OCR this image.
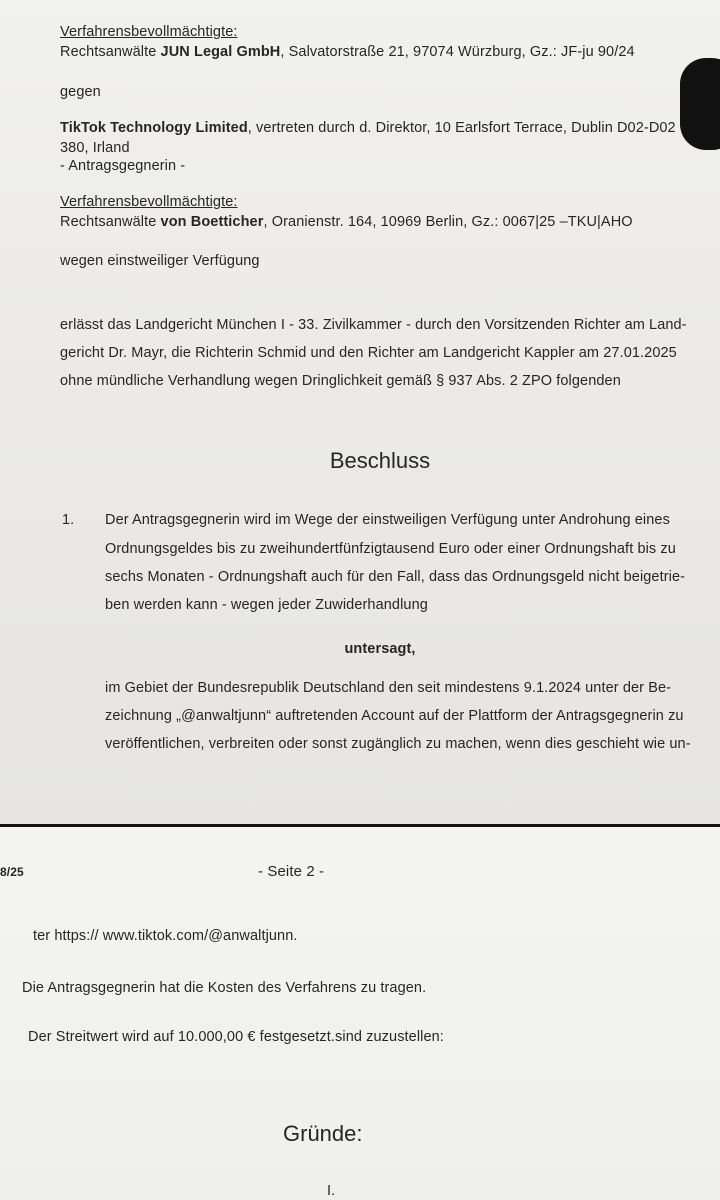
Verfahrensbevollmächtigte:

Rechtsanwälte JUN Legal GmbH, Salvatorstraße 21, 97074 Würzburg, Gz.: JF-ju 90/24

gegen

TikTok Technology Limited, vertreten durch d. Direktor, 10 Earlsfort Terrace, Dublin D02-D02

380, Irland

- Antragsgegnerin -

Verfahrensbevollmächtigte:

Rechtsanwälte von Boetticher, Oranienstr. 164, 10969 Berlin, Gz.: 0067|25 –TKU|AHO

wegen einstweiliger Verfügung

erlässt das Landgericht München I - 33. Zivilkammer - durch den Vorsitzenden Richter am Land-

gericht Dr. Mayr, die Richterin Schmid und den Richter am Landgericht Kappler am 27.01.2025

ohne mündliche Verhandlung wegen Dringlichkeit gemäß § 937 Abs. 2 ZPO folgenden

Beschluss

1. Der Antragsgegnerin wird im Wege der einstweiligen Verfügung unter Androhung eines

Ordnungsgeldes bis zu zweihundertfünfzigtausend Euro oder einer Ordnungshaft bis zu

sechs Monaten - Ordnungshaft auch für den Fall, dass das Ordnungsgeld nicht beigetrie-

ben werden kann - wegen jeder Zuwiderhandlung

untersagt,

im Gebiet der Bundesrepublik Deutschland den seit mindestens 9.1.2024 unter der Be-

zeichnung „@anwaltjunn“ auftretenden Account auf der Plattform der Antragsgegnerin zu

veröffentlichen, verbreiten oder sonst zugänglich zu machen, wenn dies geschieht wie un-

8/25	- Seite 2 -

ter https:// www.tiktok.com/@anwaltjunn.

Die Antragsgegnerin hat die Kosten des Verfahrens zu tragen.

Der Streitwert wird auf 10.000,00 € festgesetzt.sind zuzustellen:

Gründe:

I.
